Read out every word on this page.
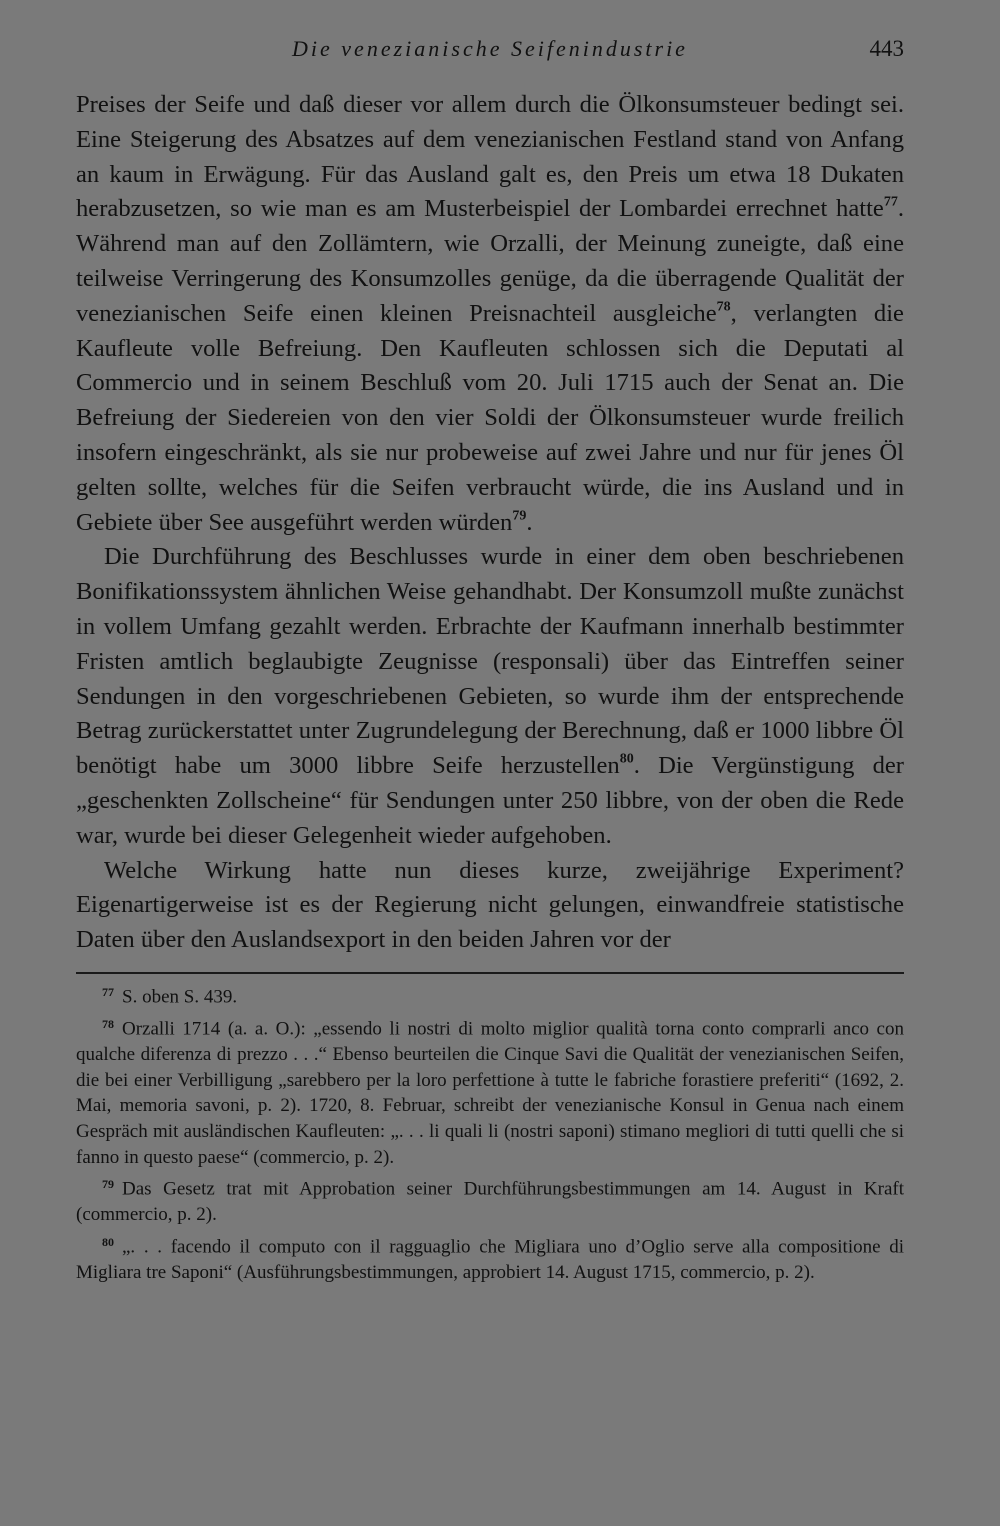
Die venezianische Seifenindustrie	443

Preises der Seife und daß dieser vor allem durch die Ölkonsumsteuer bedingt sei. Eine Steigerung des Absatzes auf dem venezianischen Festland stand von Anfang an kaum in Erwägung. Für das Ausland galt es, den Preis um etwa 18 Dukaten herabzusetzen, so wie man es am Musterbeispiel der Lombardei errechnet hatte$^{77}$. Während man auf den Zollämtern, wie Orzalli, der Meinung zuneigte, daß eine teilweise Verringerung des Konsumzolles genüge, da die überragende Qualität der venezianischen Seife einen kleinen Preisnachteil ausgleiche$^{78}$, verlangten die Kaufleute volle Befreiung. Den Kaufleuten schlossen sich die Deputati al Commercio und in seinem Beschluß vom 20. Juli 1715 auch der Senat an. Die Befreiung der Siedereien von den vier Soldi der Ölkonsumsteuer wurde freilich insofern eingeschränkt, als sie nur probeweise auf zwei Jahre und nur für jenes Öl gelten sollte, welches für die Seifen verbraucht würde, die ins Ausland und in Gebiete über See ausgeführt werden würden$^{79}$.

Die Durchführung des Beschlusses wurde in einer dem oben beschriebenen Bonifikationssystem ähnlichen Weise gehandhabt. Der Konsumzoll mußte zunächst in vollem Umfang gezahlt werden. Erbrachte der Kaufmann innerhalb bestimmter Fristen amtlich beglaubigte Zeugnisse (responsali) über das Eintreffen seiner Sendungen in den vorgeschriebenen Gebieten, so wurde ihm der entsprechende Betrag zurückerstattet unter Zugrundelegung der Berechnung, daß er 1000 libbre Öl benötigt habe um 3000 libbre Seife herzustellen$^{80}$. Die Vergünstigung der „geschenkten Zollscheine“ für Sendungen unter 250 libbre, von der oben die Rede war, wurde bei dieser Gelegenheit wieder aufgehoben.

Welche Wirkung hatte nun dieses kurze, zweijährige Experiment? Eigenartigerweise ist es der Regierung nicht gelungen, einwandfreie statistische Daten über den Auslandsexport in den beiden Jahren vor der

$^{77}$ S. oben S. 439.

$^{78}$ Orzalli 1714 (a. a. O.): „essendo li nostri di molto miglior qualità torna conto comprarli anco con qualche diferenza di prezzo . . .“ Ebenso beurteilen die Cinque Savi die Qualität der venezianischen Seifen, die bei einer Verbilligung „sarebbero per la loro perfettione à tutte le fabriche forastiere preferiti“ (1692, 2. Mai, memoria savoni, p. 2). 1720, 8. Februar, schreibt der venezianische Konsul in Genua nach einem Gespräch mit ausländischen Kaufleuten: „. . . li quali li (nostri saponi) stimano megliori di tutti quelli che si fanno in questo paese“ (commercio, p. 2).

$^{79}$ Das Gesetz trat mit Approbation seiner Durchführungsbestimmungen am 14. August in Kraft (commercio, p. 2).

$^{80}$ „. . . facendo il computo con il ragguaglio che Migliara uno d’Oglio serve alla compositione di Migliara tre Saponi“ (Ausführungsbestimmungen, approbiert 14. August 1715, commercio, p. 2).
